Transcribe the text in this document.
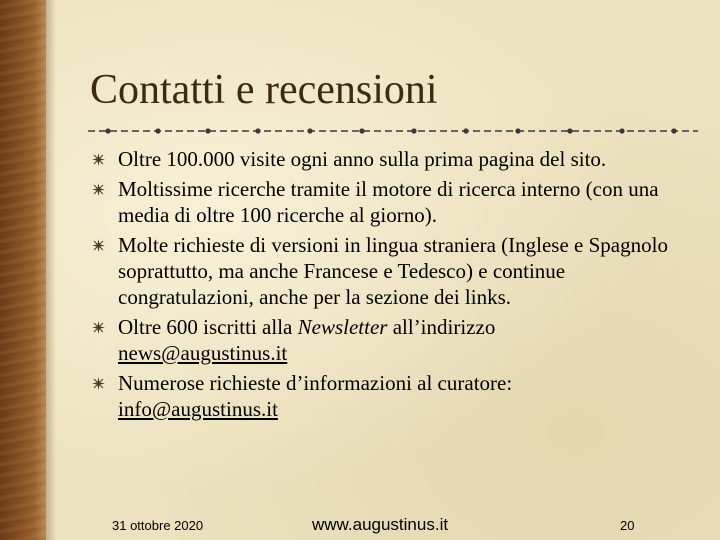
Contatti e recensioni
Oltre 100.000 visite ogni anno sulla prima pagina del sito.
Moltissime ricerche tramite il motore di ricerca interno (con una media di oltre 100 ricerche al giorno).
Molte richieste di versioni in lingua straniera (Inglese e Spagnolo soprattutto, ma anche Francese e Tedesco) e continue congratulazioni, anche per la sezione dei links.
Oltre 600 iscritti alla Newsletter all’indirizzo
news@augustinus.it
Numerose richieste d’informazioni al curatore:
info@augustinus.it
31 ottobre 2020	www.augustinus.it	20
